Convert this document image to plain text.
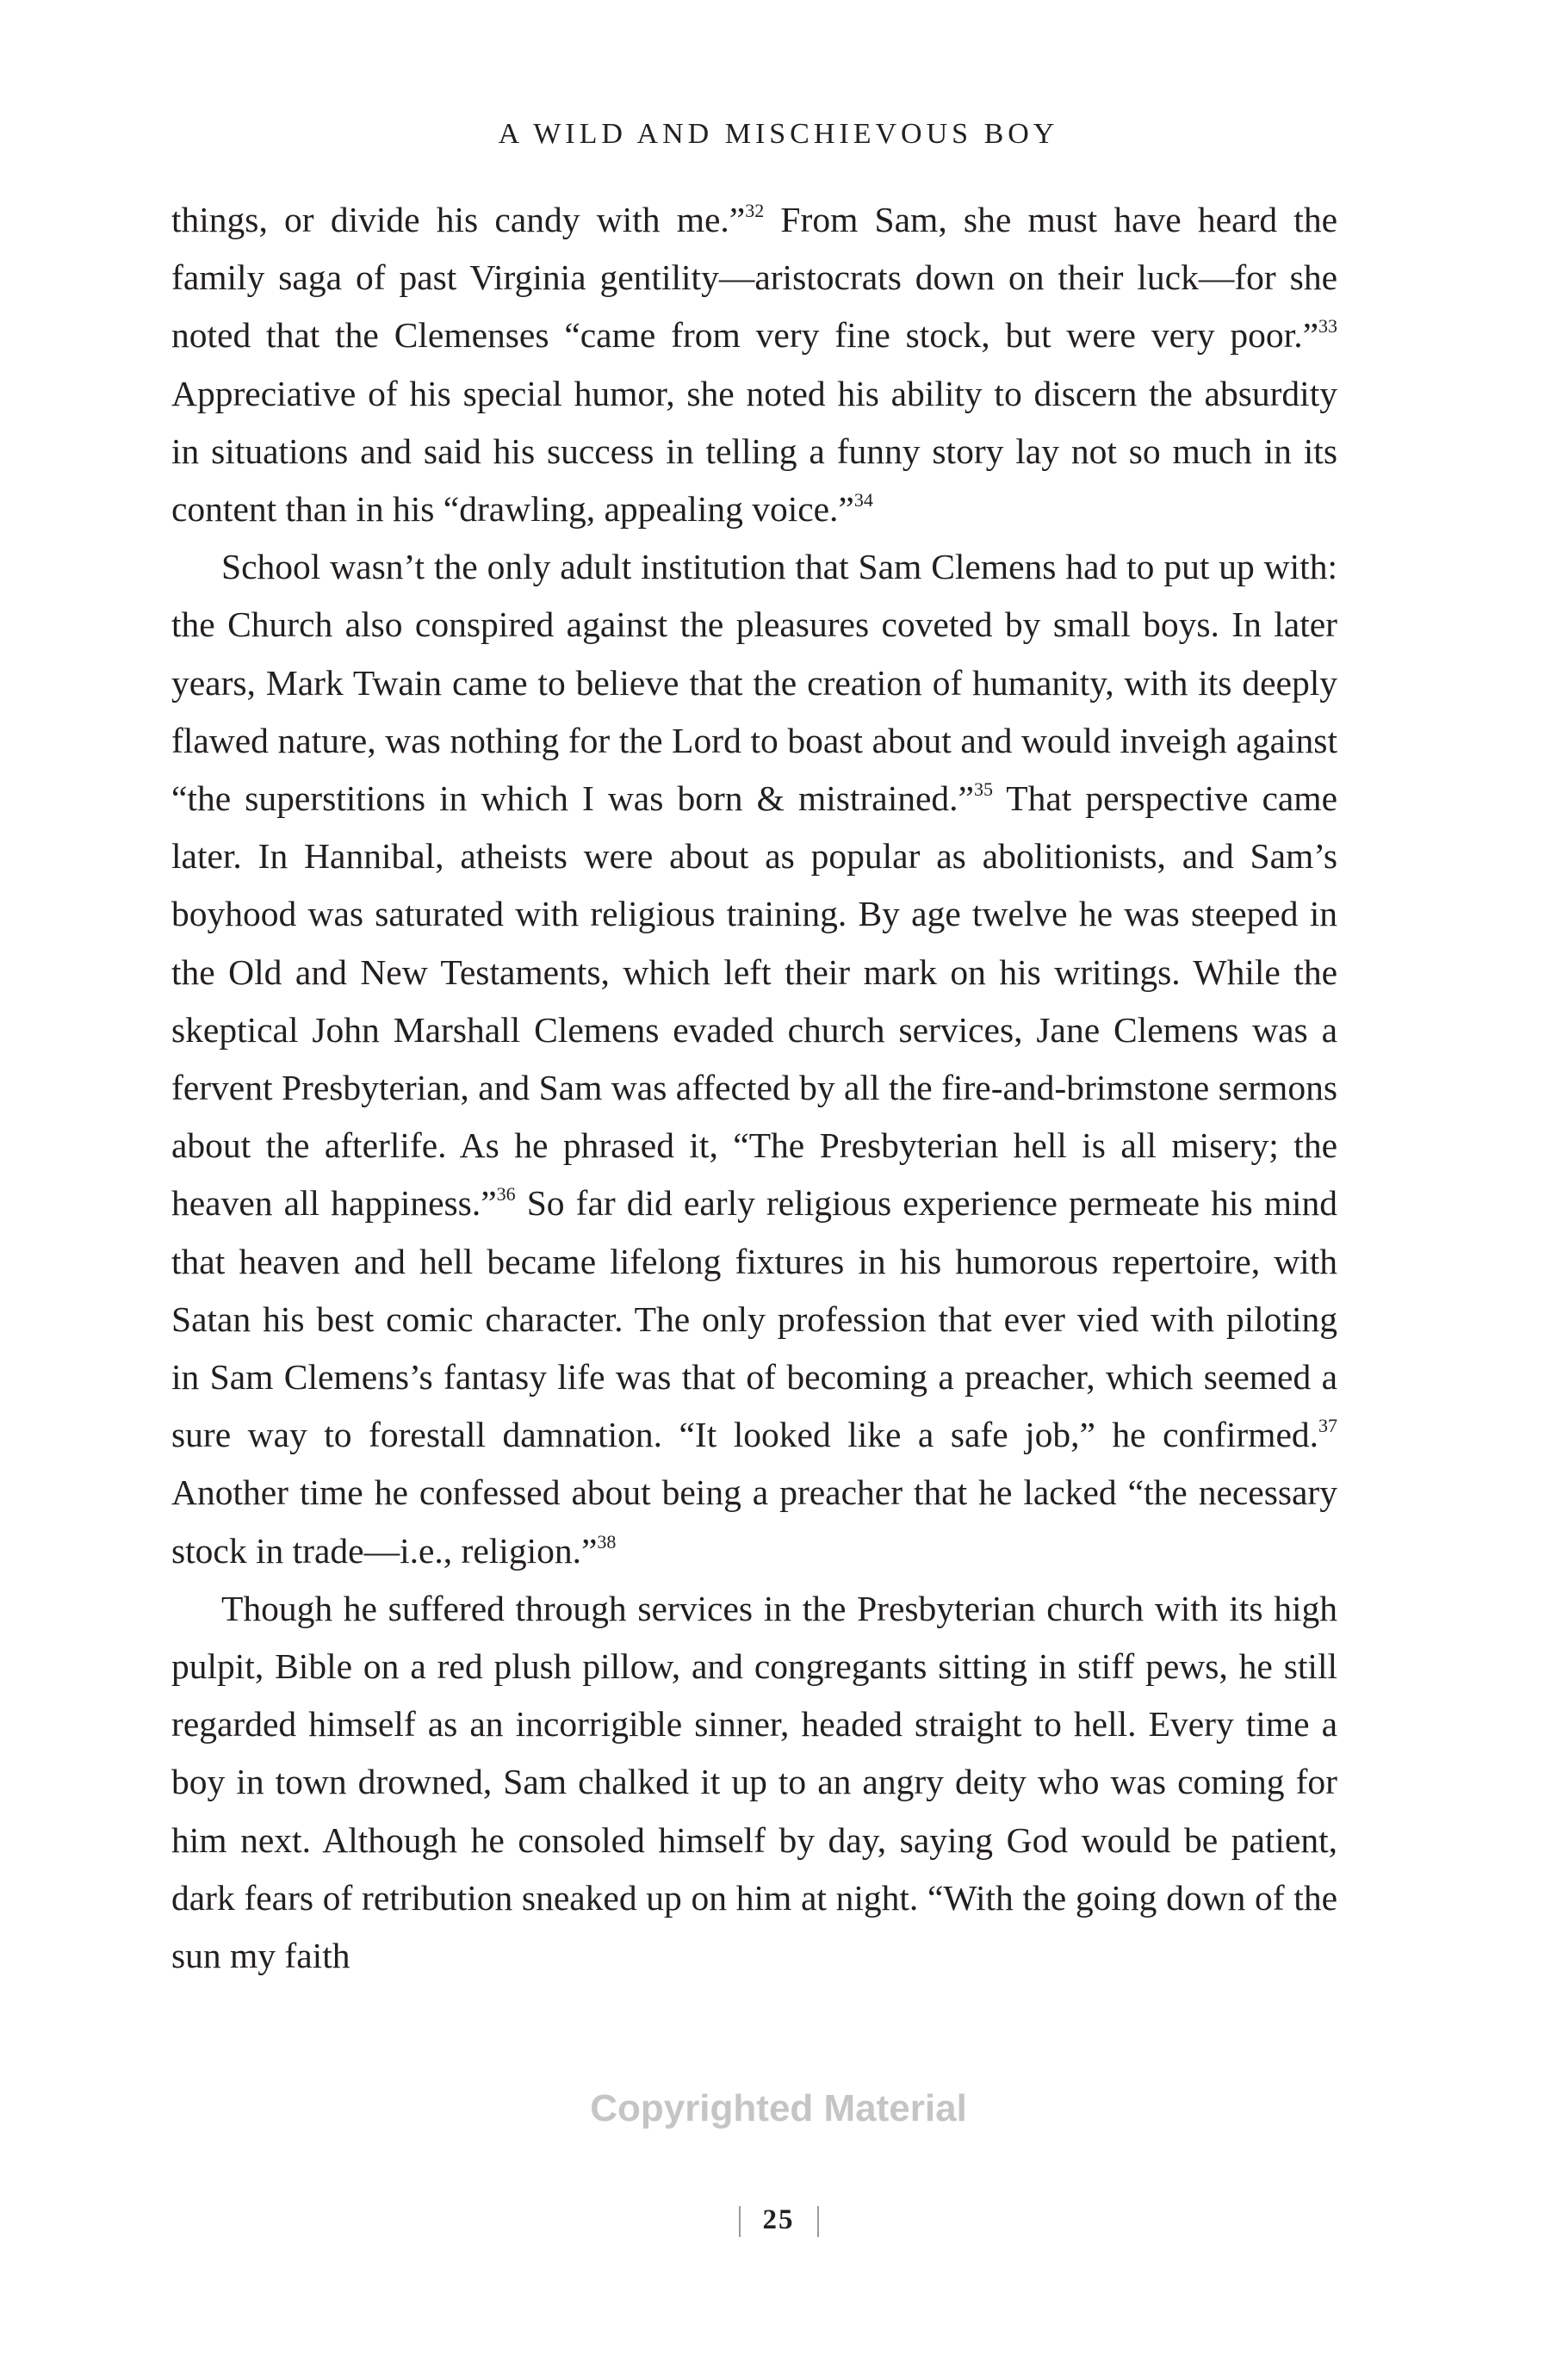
A WILD AND MISCHIEVOUS BOY

things, or divide his candy with me.”$^{32}$ From Sam, she must have heard the family saga of past Virginia gentility—aristocrats down on their luck—for she noted that the Clemenses “came from very fine stock, but were very poor.”$^{33}$ Appreciative of his special humor, she noted his ability to discern the absurdity in situations and said his success in telling a funny story lay not so much in its content than in his “drawling, appealing voice.”$^{34}$

School wasn’t the only adult institution that Sam Clemens had to put up with: the Church also conspired against the pleasures coveted by small boys. In later years, Mark Twain came to believe that the creation of humanity, with its deeply flawed nature, was nothing for the Lord to boast about and would inveigh against “the superstitions in which I was born & mistrained.”$^{35}$ That perspective came later. In Hannibal, atheists were about as popular as abolitionists, and Sam’s boyhood was saturated with religious training. By age twelve he was steeped in the Old and New Testaments, which left their mark on his writings. While the skeptical John Marshall Clemens evaded church services, Jane Clemens was a fervent Presbyterian, and Sam was affected by all the fire-and-brimstone sermons about the afterlife. As he phrased it, “The Presbyterian hell is all misery; the heaven all happiness.”$^{36}$ So far did early religious experience permeate his mind that heaven and hell became lifelong fixtures in his humorous repertoire, with Satan his best comic character. The only profession that ever vied with piloting in Sam Clemens’s fantasy life was that of becoming a preacher, which seemed a sure way to forestall damnation. “It looked like a safe job,” he confirmed.$^{37}$ Another time he confessed about being a preacher that he lacked “the necessary stock in trade—i.e., religion.”$^{38}$

Though he suffered through services in the Presbyterian church with its high pulpit, Bible on a red plush pillow, and congregants sitting in stiff pews, he still regarded himself as an incorrigible sinner, headed straight to hell. Every time a boy in town drowned, Sam chalked it up to an angry deity who was coming for him next. Although he consoled himself by day, saying God would be patient, dark fears of retribution sneaked up on him at night. “With the going down of the sun my faith

Copyrighted Material
25
